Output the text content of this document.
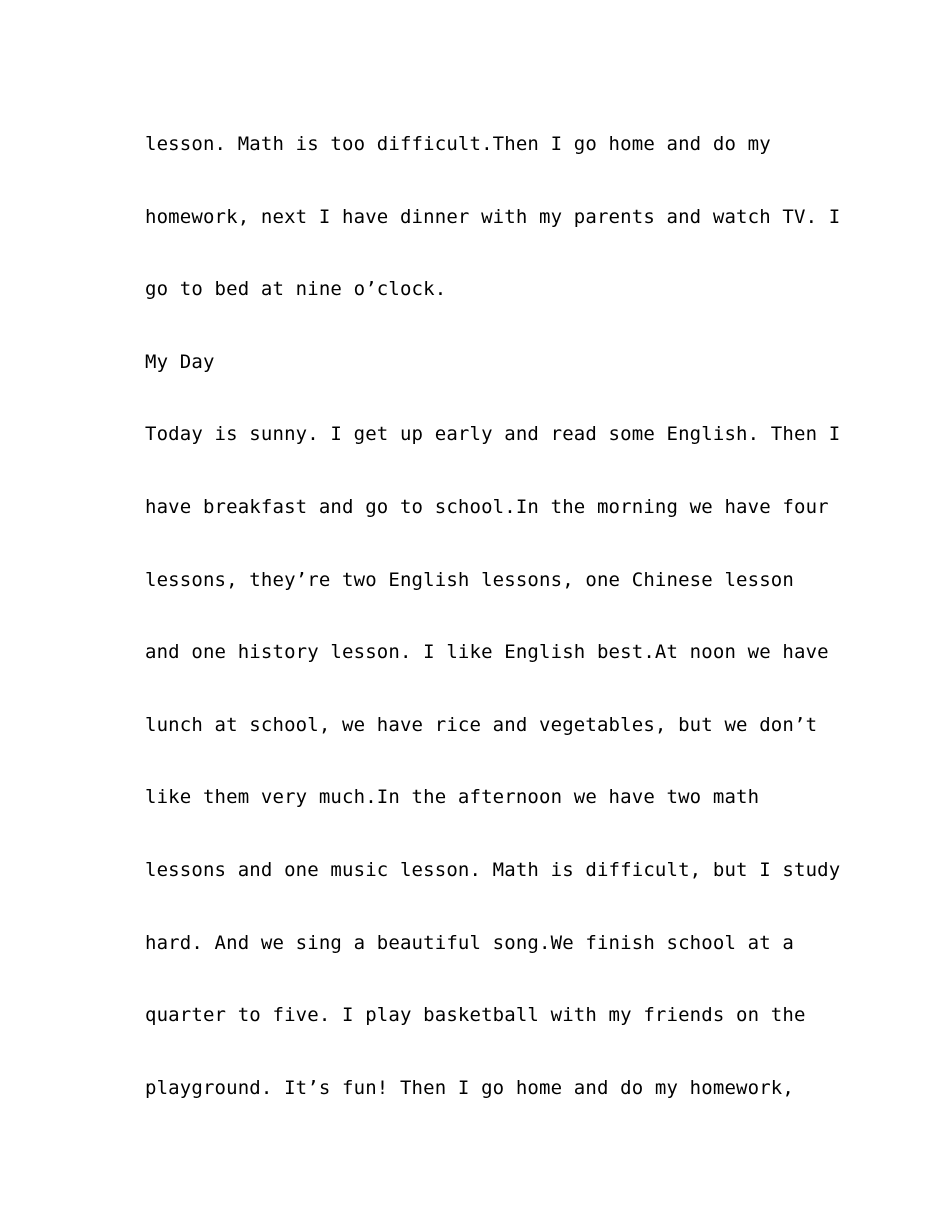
lesson. Math is too difficult.Then I go home and do my
homework, next I have dinner with my parents and watch TV. I
go to bed at nine o’clock.
My Day
Today is sunny. I get up early and read some English. Then I
have breakfast and go to school.In the morning we have four
lessons, they’re two English lessons, one Chinese lesson
and one history lesson. I like English best.At noon we have
lunch at school, we have rice and vegetables, but we don’t
like them very much.In the afternoon we have two math
lessons and one music lesson. Math is difficult, but I study
hard. And we sing a beautiful song.We finish school at a
quarter to five. I play basketball with my friends on the
playground. It’s fun! Then I go home and do my homework,
